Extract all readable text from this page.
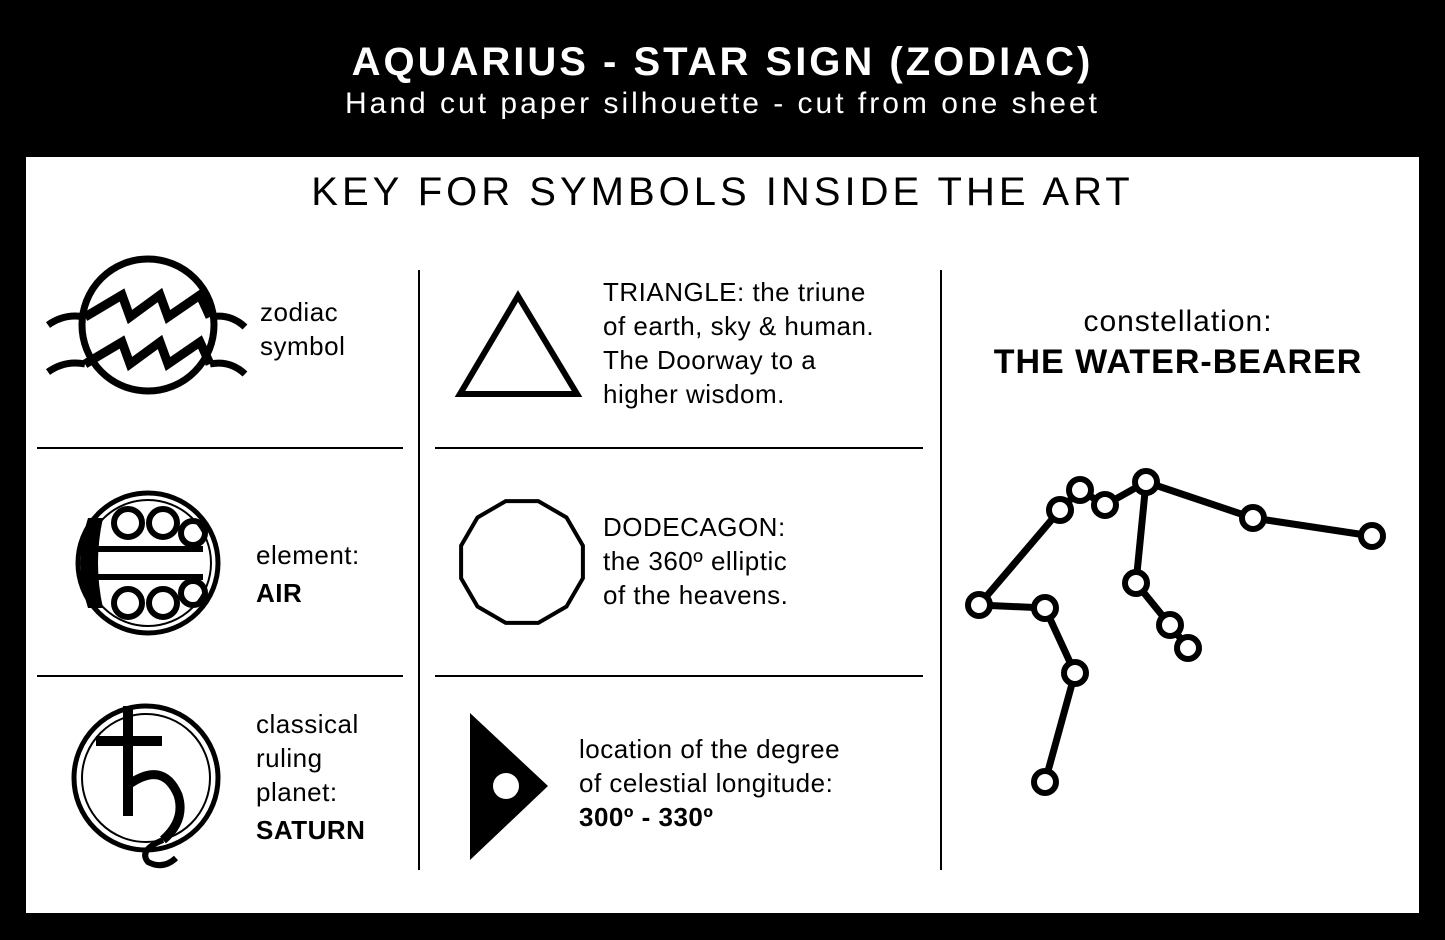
AQUARIUS - STAR SIGN (ZODIAC)
Hand cut paper silhouette - cut from one sheet
KEY FOR SYMBOLS INSIDE THE ART
zodiac
symbol
element:
AIR
classical
ruling
planet:
SATURN
TRIANGLE: the triune
of earth, sky & human.
The Doorway to a
higher wisdom.
DODECAGON:
the 360º elliptic
of the heavens.
location of the degree
of celestial longitude:
300º - 330º
constellation:
THE WATER-BEARER
